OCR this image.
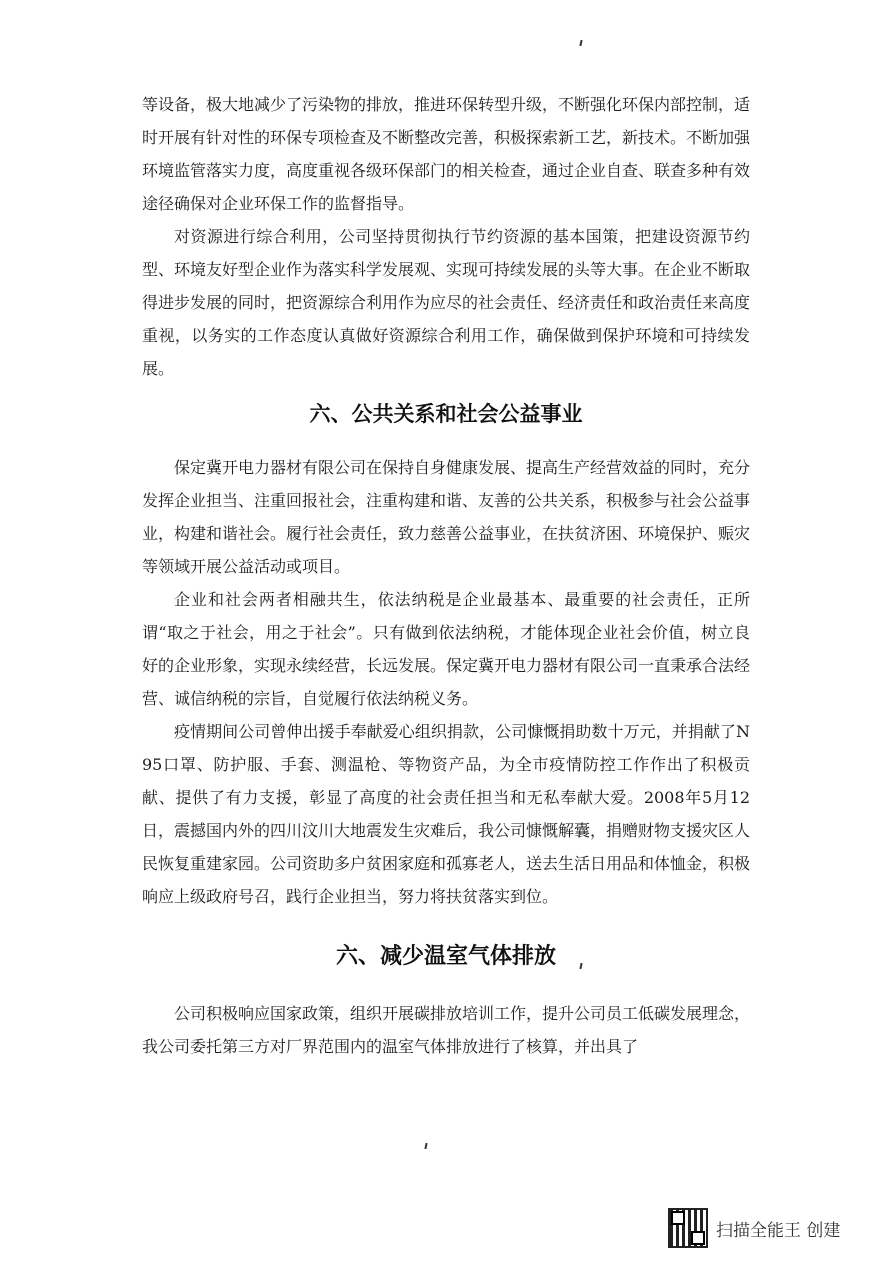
等设备，极大地减少了污染物的排放，推进环保转型升级，不断强化环保内部控制，适时开展有针对性的环保专项检查及不断整改完善，积极探索新工艺，新技术。不断加强环境监管落实力度，高度重视各级环保部门的相关检查，通过企业自查、联查多种有效途径确保对企业环保工作的监督指导。

对资源进行综合利用，公司坚持贯彻执行节约资源的基本国策，把建设资源节约型、环境友好型企业作为落实科学发展观、实现可持续发展的头等大事。在企业不断取得进步发展的同时，把资源综合利用作为应尽的社会责任、经济责任和政治责任来高度重视，以务实的工作态度认真做好资源综合利用工作，确保做到保护环境和可持续发展。

六、公共关系和社会公益事业

保定冀开电力器材有限公司在保持自身健康发展、提高生产经营效益的同时，充分发挥企业担当、注重回报社会，注重构建和谐、友善的公共关系，积极参与社会公益事业，构建和谐社会。履行社会责任，致力慈善公益事业，在扶贫济困、环境保护、赈灾等领域开展公益活动或项目。

企业和社会两者相融共生，依法纳税是企业最基本、最重要的社会责任，正所谓“取之于社会，用之于社会”。只有做到依法纳税，才能体现企业社会价值，树立良好的企业形象，实现永续经营，长远发展。保定冀开电力器材有限公司一直秉承合法经营、诚信纳税的宗旨，自觉履行依法纳税义务。

疫情期间公司曾伸出援手奉献爱心组织捐款，公司慷慨捐助数十万元，并捐献了N95口罩、防护服、手套、测温枪、等物资产品，为全市疫情防控工作作出了积极贡献、提供了有力支援，彰显了高度的社会责任担当和无私奉献大爱。2008年5月12日，震撼国内外的四川汶川大地震发生灾难后，我公司慷慨解囊，捐赠财物支援灾区人民恢复重建家园。公司资助多户贫困家庭和孤寡老人，送去生活日用品和体恤金，积极响应上级政府号召，践行企业担当，努力将扶贫落实到位。

六、减少温室气体排放

公司积极响应国家政策，组织开展碳排放培训工作，提升公司员工低碳发展理念，我公司委托第三方对厂界范围内的温室气体排放进行了核算，并出具了

扫描全能王 创建
